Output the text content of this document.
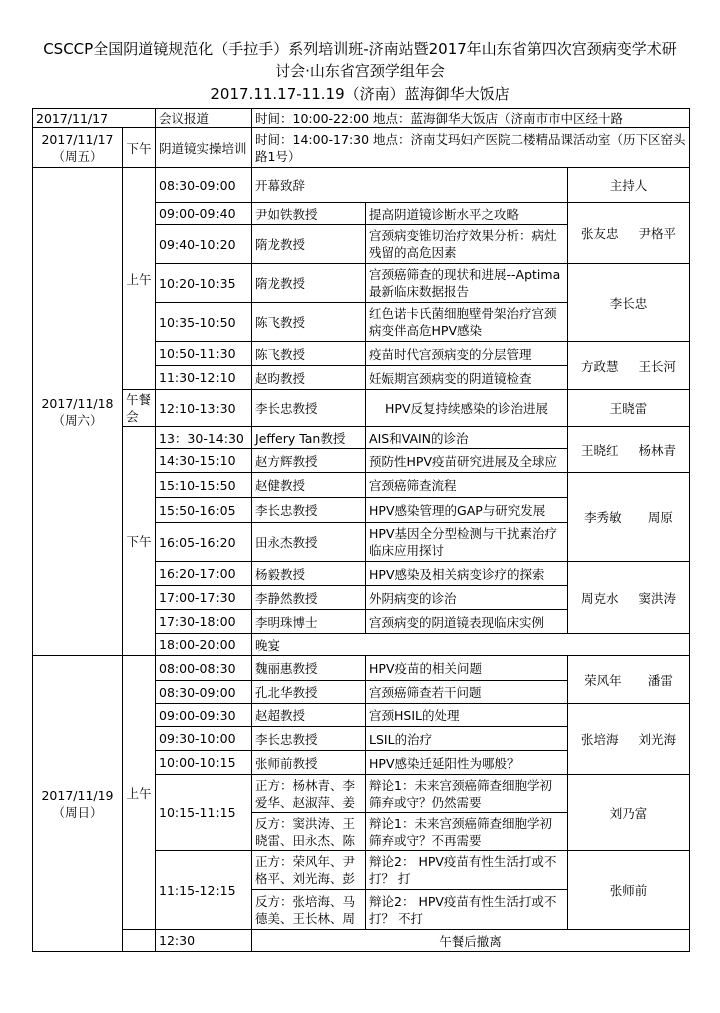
CSCCP全国阴道镜规范化（手拉手）系列培训班-济南站暨2017年山东省第四次宫颈病变学术研
讨会·山东省宫颈学组年会
2017.11.17-11.19（济南）蓝海御华大饭店
2017/11/17		会议报道	时间：10:00-22:00 地点：蓝海御华大饭店（济南市市中区经十路		
2017/11/17
（周五）	下午	阴道镜实操培训	时间：14:00-17:30 地点：济南艾玛妇产医院二楼精品课活动室（历下区窑头路1号）		
2017/11/18
（周六）	上午	08:30-09:00	开幕致辞		主持人
		09:00-09:40	尹如铁教授	提高阴道镜诊断水平之攻略	张友忠 尹格平

		09:40-10:20	隋龙教授	宫颈病变锥切治疗效果分析：病灶残留的高危因素	
		10:20-10:35	隋龙教授	宫颈癌筛查的现状和进展--Aptima最新临床数据报告	李长忠
		10:35-10:50	陈飞教授	红色诺卡氏菌细胞壁骨架治疗宫颈病变伴高危HPV感染	
		10:50-11:30	陈飞教授	疫苗时代宫颈病变的分层管理	方政慧 王长河

		11:30-12:10	赵昀教授	妊娠期宫颈病变的阴道镜检查	
	午餐会	12:10-13:30	李长忠教授	HPV反复持续感染的诊治进展	王晓雷
	下午	13：30-14:30	Jeffery Tan教授	AIS和VAIN的诊治	王晓红 杨林青

		14:30-15:10	赵方辉教授	预防性HPV疫苗研究进展及全球应	
		15:10-15:50	赵健教授	宫颈癌筛查流程	李秀敏 周原

		15:50-16:05	李长忠教授	HPV感染管理的GAP与研究发展	
		16:05-16:20	田永杰教授	HPV基因全分型检测与干扰素治疗临床应用探讨	
		16:20-17:00	杨毅教授	HPV感染及相关病变诊疗的探索	周克水 窦洪涛

		17:00-17:30	李静然教授	外阴病变的诊治	
		17:30-18:00	李明珠博士	宫颈病变的阴道镜表现临床实例	
		18:00-20:00	晚宴		
2017/11/19
（周日）	上午	08:00-08:30	魏丽惠教授	HPV疫苗的相关问题	荣风年 潘雷

		08:30-09:00	孔北华教授	宫颈癌筛查若干问题	
		09:00-09:30	赵超教授	宫颈HSIL的处理	张培海 刘光海

		09:30-10:00	李长忠教授	LSIL的治疗	
		10:00-10:15	张师前教授	HPV感染迁延阳性为哪般？	
		10:15-11:15	正方：杨林青、李爱华、赵淑萍、姜	辩论1：未来宫颈癌筛查细胞学初筛弃或守？仍然需要	刘乃富
			反方：窦洪涛、王晓雷、田永杰、陈	辩论1：未来宫颈癌筛查细胞学初筛弃或守？不再需要	
		11:15-12:15	正方：荣风年、尹格平、刘光海、彭	辩论2： HPV疫苗有性生活打或不打？ 打	张师前
			反方：张培海、马德美、王长林、周	辩论2： HPV疫苗有性生活打或不打？ 不打	
		12:30	午餐后撤离		
